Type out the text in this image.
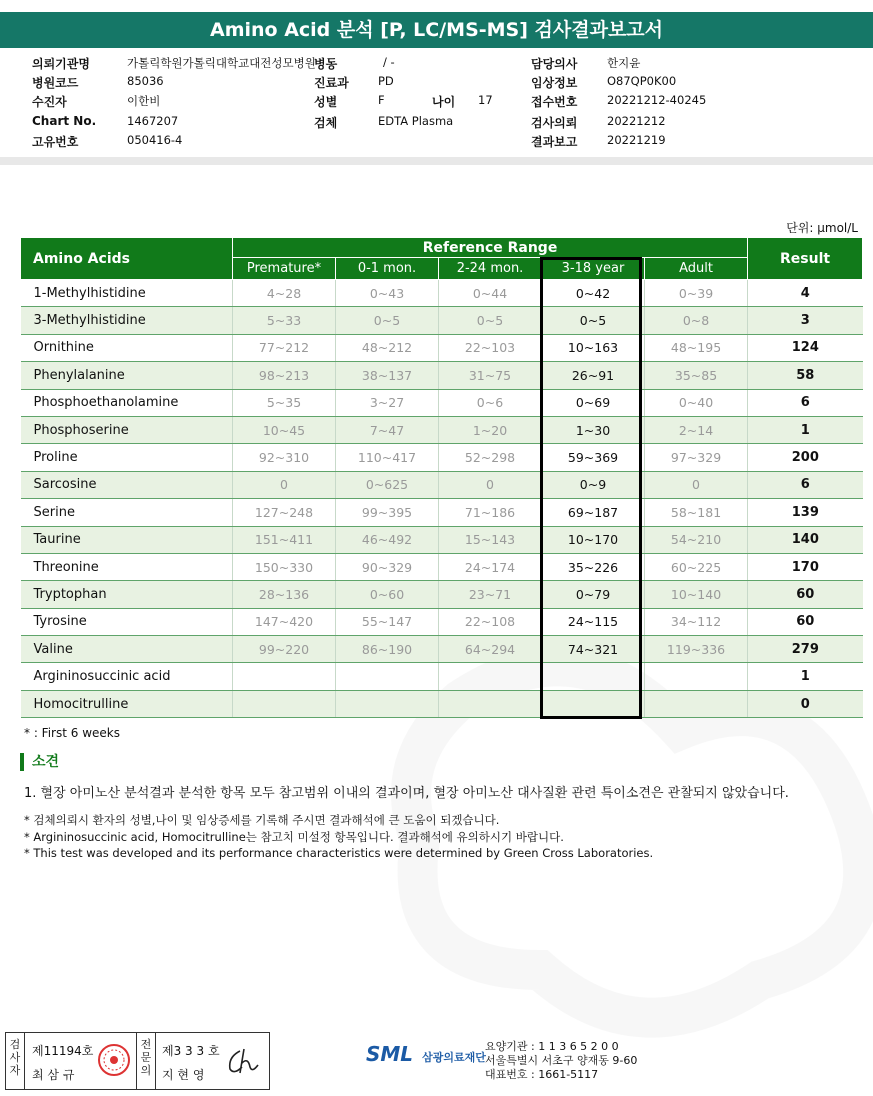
Amino Acid 분석 [P, LC/MS-MS] 검사결과보고서
의뢰기관명	가톨릭학원가톨릭대학교대전성모병원
병동	/ -	담당의사	한지윤
병원코드	85036	진료과	PD	임상정보	O87QP0K00
수진자	이한비	성별	F	나이 17	접수번호	20221212-40245
Chart No.	1467207	검체	EDTA Plasma	검사의뢰	20221212
고유번호	050416-4	결과보고	20221219
단위: μmol/L
Amino Acids	Reference Range					Result
	Premature*	0-1 mon.	2-24 mon.	3-18 year	Adult	
1-Methylhistidine	4~28	0~43	0~44	0~42	0~39	4
3-Methylhistidine	5~33	0~5	0~5	0~5	0~8	3
Ornithine	77~212	48~212	22~103	10~163	48~195	124
Phenylalanine	98~213	38~137	31~75	26~91	35~85	58
Phosphoethanolamine	5~35	3~27	0~6	0~69	0~40	6
Phosphoserine	10~45	7~47	1~20	1~30	2~14	1
Proline	92~310	110~417	52~298	59~369	97~329	200
Sarcosine	0	0~625	0	0~9	0	6
Serine	127~248	99~395	71~186	69~187	58~181	139
Taurine	151~411	46~492	15~143	10~170	54~210	140
Threonine	150~330	90~329	24~174	35~226	60~225	170
Tryptophan	28~136	0~60	23~71	0~79	10~140	60
Tyrosine	147~420	55~147	22~108	24~115	34~112	60
Valine	99~220	86~190	64~294	74~321	119~336	279
Argininosuccinic acid						1
Homocitrulline						0
* : First 6 weeks
소견
1. 혈장 아미노산 분석결과 분석한 항목 모두 참고범위 이내의 결과이며, 혈장 아미노산 대사질환 관련 특이소견은 관찰되지 않았습니다.
* 검체의뢰시 환자의 성별,나이 및 임상증세를 기록해 주시면 결과해석에 큰 도움이 되겠습니다.
* Argininosuccinic acid, Homocitrulline는 참고치 미설정 항목입니다. 결과해석에 유의하시기 바랍니다.
* This test was developed and its performance characteristics were determined by Green Cross Laboratories.
검사자
제11194호
최 삼 규
전문의
제3 3 3 호
지 현 영
SML 삼광의료재단
요양기관 : 1 1 3 6 5 2 0 0
서울특별시 서초구 양재동 9-60
대표번호 : 1661-5117
